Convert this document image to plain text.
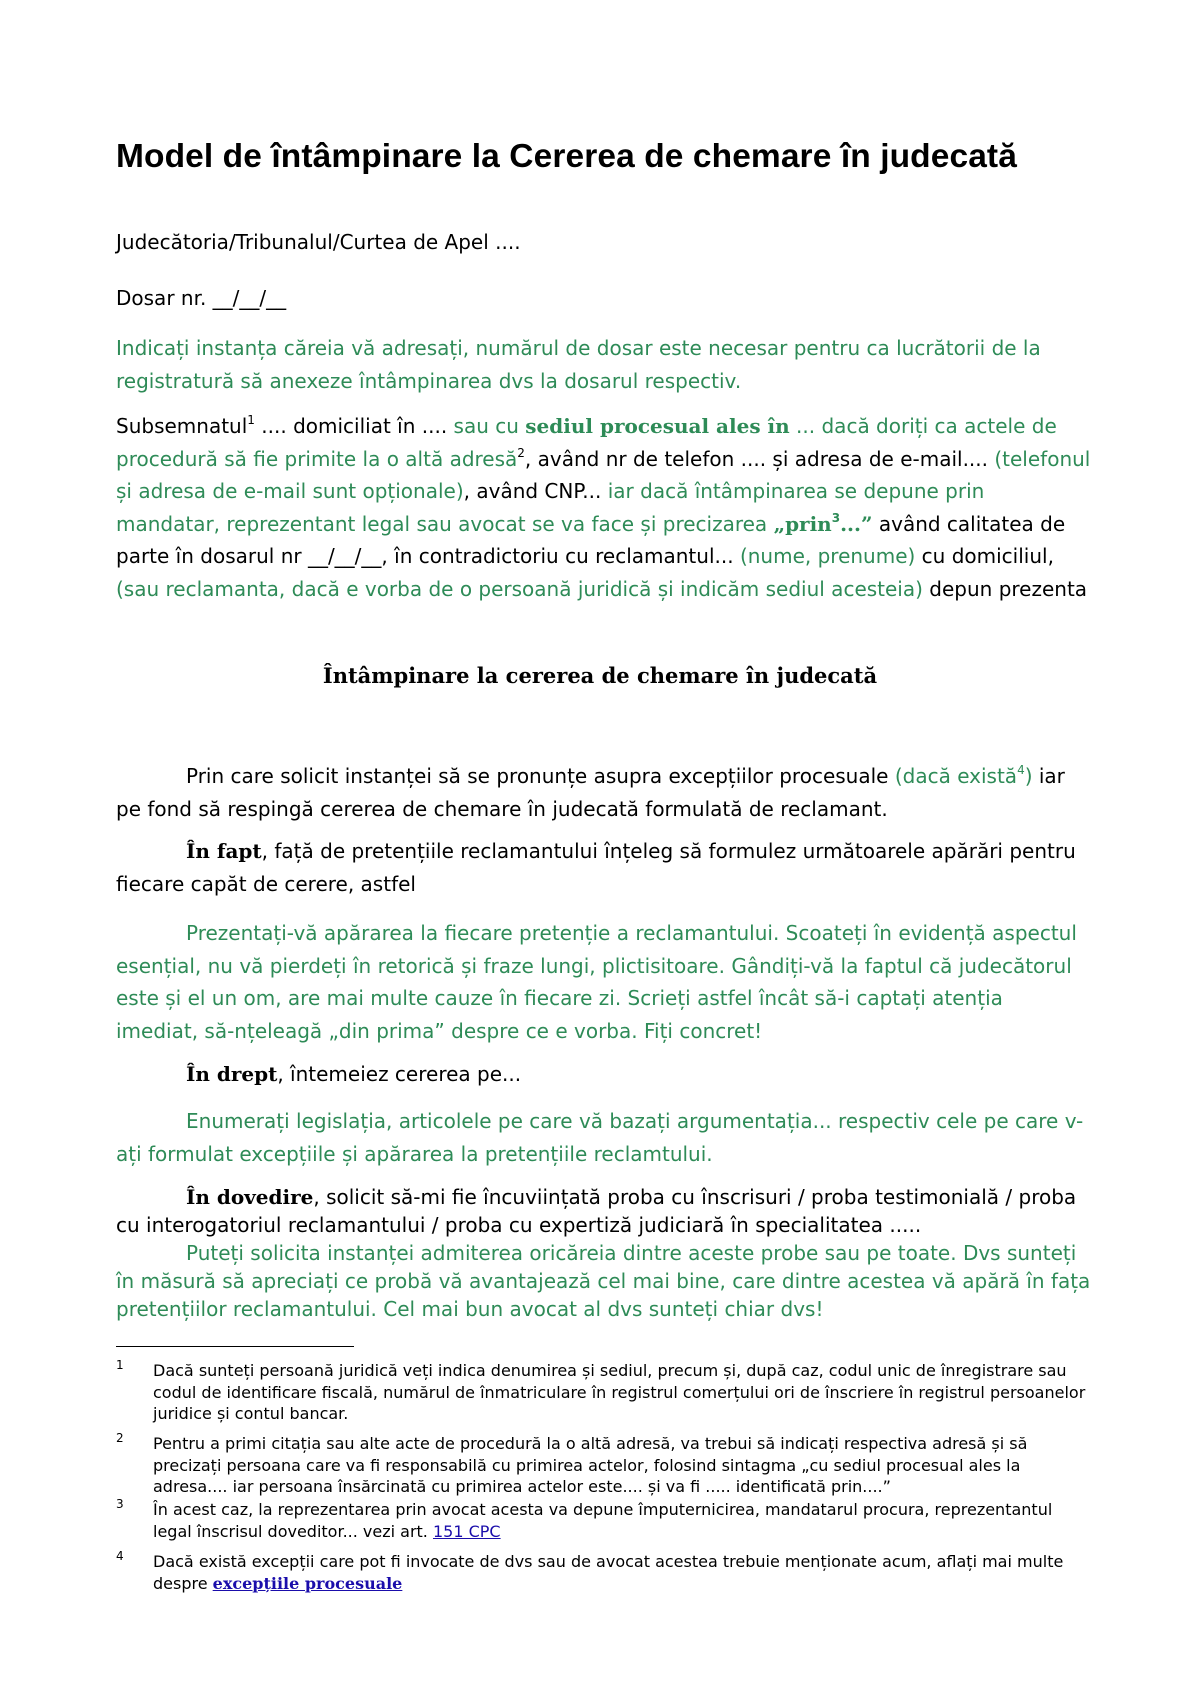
Model de întâmpinare la Cererea de chemare în judecată

Judecătoria/Tribunalul/Curtea de Apel ....

Dosar nr. __/__/__

Indicați instanța căreia vă adresați, numărul de dosar este necesar pentru ca lucrătorii de la registratură să anexeze întâmpinarea dvs la dosarul respectiv.

Subsemnatul$^1$ .... domiciliat în .... sau cu sediul procesual ales în ... dacă doriți ca actele de procedură să fie primite la o altă adresă$^2$, având nr de telefon .... și adresa de e-mail.... (telefonul și adresa de e-mail sunt opționale), având CNP... iar dacă întâmpinarea se depune prin mandatar, reprezentant legal sau avocat se va face și precizarea „prin$^3$...” având calitatea de parte în dosarul nr __/__/__, în contradictoriu cu reclamantul... (nume, prenume) cu domiciliul, (sau reclamanta, dacă e vorba de o persoană juridică și indicăm sediul acesteia) depun prezenta

Întâmpinare la cererea de chemare în judecată

Prin care solicit instanței să se pronunțe asupra excepțiilor procesuale (dacă există$^4$) iar pe fond să respingă cererea de chemare în judecată formulată de reclamant.

În fapt, față de pretențiile reclamantului înțeleg să formulez următoarele apărări pentru fiecare capăt de cerere, astfel

Prezentați-vă apărarea la fiecare pretenție a reclamantului. Scoateți în evidență aspectul esențial, nu vă pierdeți în retorică și fraze lungi, plictisitoare. Gândiți-vă la faptul că judecătorul este și el un om, are mai multe cauze în fiecare zi. Scrieți astfel încât să-i captați atenția imediat, să-nțeleagă „din prima” despre ce e vorba. Fiți concret!

În drept, întemeiez cererea pe...

Enumerați legislația, articolele pe care vă bazați argumentația... respectiv cele pe care v-ați formulat excepțiile și apărarea la pretențiile reclamtului.

În dovedire, solicit să-mi fie încuviințată proba cu înscrisuri / proba testimonială / proba cu interogatoriul reclamantului / proba cu expertiză judiciară în specialitatea .....

Puteți solicita instanței admiterea oricăreia dintre aceste probe sau pe toate. Dvs sunteți în măsură să apreciați ce probă vă avantajează cel mai bine, care dintre acestea vă apără în fața pretențiilor reclamantului. Cel mai bun avocat al dvs sunteți chiar dvs!

1 Dacă sunteți persoană juridică veți indica denumirea și sediul, precum și, după caz, codul unic de înregistrare sau codul de identificare fiscală, numărul de înmatriculare în registrul comerțului ori de înscriere în registrul persoanelor juridice și contul bancar.
2 Pentru a primi citația sau alte acte de procedură la o altă adresă, va trebui să indicați respectiva adresă și să precizați persoana care va fi responsabilă cu primirea actelor, folosind sintagma „cu sediul procesual ales la adresa.... iar persoana însărcinată cu primirea actelor este.... și va fi ..... identificată prin....”
3 În acest caz, la reprezentarea prin avocat acesta va depune împuternicirea, mandatarul procura, reprezentantul legal înscrisul doveditor... vezi art. 151 CPC
4 Dacă există excepții care pot fi invocate de dvs sau de avocat acestea trebuie menționate acum, aflați mai multe despre excepțiile procesuale
